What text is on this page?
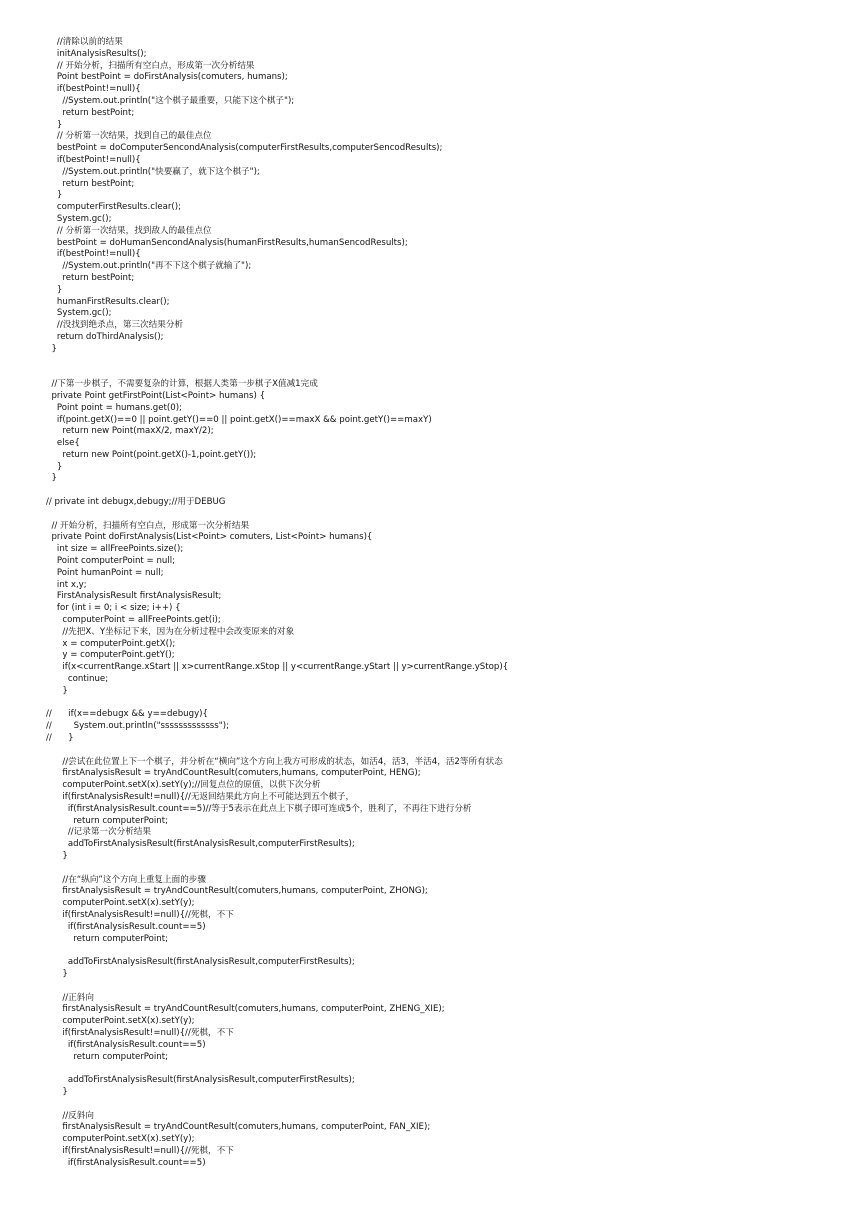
//清除以前的结果
initAnalysisResults();
// 开始分析，扫描所有空白点，形成第一次分析结果
Point bestPoint = doFirstAnalysis(comuters, humans);
if(bestPoint!=null){
//System.out.println("这个棋子最重要，只能下这个棋子");
return bestPoint;
}
// 分析第一次结果，找到自己的最佳点位
bestPoint = doComputerSencondAnalysis(computerFirstResults,computerSencodResults);
if(bestPoint!=null){
//System.out.println("快要赢了，就下这个棋子");
return bestPoint;
}
computerFirstResults.clear();
System.gc();
// 分析第一次结果，找到敌人的最佳点位
bestPoint = doHumanSencondAnalysis(humanFirstResults,humanSencodResults);
if(bestPoint!=null){
//System.out.println("再不下这个棋子就输了");
return bestPoint;
}
humanFirstResults.clear();
System.gc();
//没找到绝杀点，第三次结果分析
return doThirdAnalysis();
}
//下第一步棋子，不需要复杂的计算，根据人类第一步棋子X值减1完成
private Point getFirstPoint(List<Point> humans) {
Point point = humans.get(0);
if(point.getX()==0 || point.getY()==0 || point.getX()==maxX && point.getY()==maxY)
return new Point(maxX/2, maxY/2);
else{
return new Point(point.getX()-1,point.getY());
}
}
// private int debugx,debugy;//用于DEBUG
// 开始分析，扫描所有空白点，形成第一次分析结果
private Point doFirstAnalysis(List<Point> comuters, List<Point> humans){
int size = allFreePoints.size();
Point computerPoint = null;
Point humanPoint = null;
int x,y;
FirstAnalysisResult firstAnalysisResult;
for (int i = 0; i < size; i++) {
computerPoint = allFreePoints.get(i);
//先把X、Y坐标记下来，因为在分析过程中会改变原来的对象
x = computerPoint.getX();
y = computerPoint.getY();
if(x<currentRange.xStart || x>currentRange.xStop || y<currentRange.yStart || y>currentRange.yStop){
continue;
}
//      if(x==debugx && y==debugy){
//        System.out.println("sssssssssssss");
//      }
//尝试在此位置上下一个棋子，并分析在“横向”这个方向上我方可形成的状态，如活4，活3，半活4，活2等所有状态
firstAnalysisResult = tryAndCountResult(comuters,humans, computerPoint, HENG);
computerPoint.setX(x).setY(y);//回复点位的原值，以供下次分析
if(firstAnalysisResult!=null){//无返回结果此方向上不可能达到五个棋子，
if(firstAnalysisResult.count==5)//等于5表示在此点上下棋子即可连成5个，胜利了，不再往下进行分析
return computerPoint;
//记录第一次分析结果
addToFirstAnalysisResult(firstAnalysisResult,computerFirstResults);
}
//在“纵向”这个方向上重复上面的步骤
firstAnalysisResult = tryAndCountResult(comuters,humans, computerPoint, ZHONG);
computerPoint.setX(x).setY(y);
if(firstAnalysisResult!=null){//死棋，不下
if(firstAnalysisResult.count==5)
return computerPoint;
addToFirstAnalysisResult(firstAnalysisResult,computerFirstResults);
}
//正斜向
firstAnalysisResult = tryAndCountResult(comuters,humans, computerPoint, ZHENG_XIE);
computerPoint.setX(x).setY(y);
if(firstAnalysisResult!=null){//死棋，不下
if(firstAnalysisResult.count==5)
return computerPoint;
addToFirstAnalysisResult(firstAnalysisResult,computerFirstResults);
}
//反斜向
firstAnalysisResult = tryAndCountResult(comuters,humans, computerPoint, FAN_XIE);
computerPoint.setX(x).setY(y);
if(firstAnalysisResult!=null){//死棋，不下
if(firstAnalysisResult.count==5)
